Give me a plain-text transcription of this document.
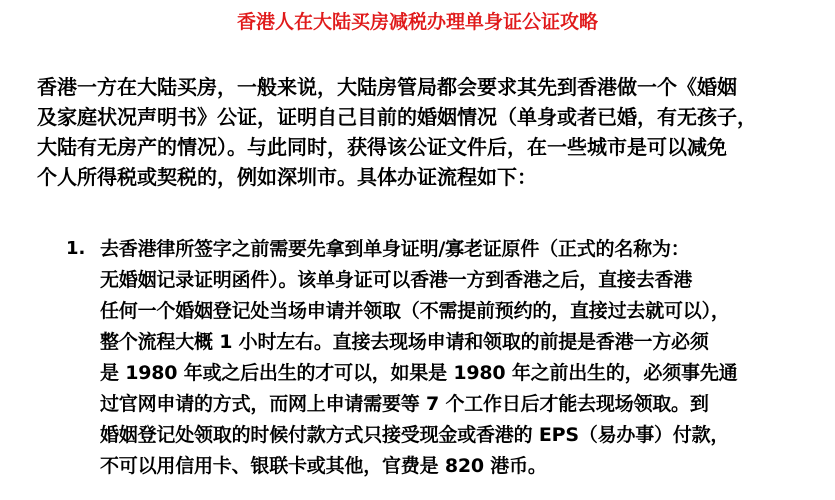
香港人在大陆买房减税办理单身证公证攻略
香港一方在大陆买房，一般来说，大陆房管局都会要求其先到香港做一个《婚姻
及家庭状况声明书》公证，证明自己目前的婚姻情况（单身或者已婚，有无孩子，
大陆有无房产的情况）。与此同时，获得该公证文件后，在一些城市是可以减免
个人所得税或契税的，例如深圳市。具体办证流程如下：
1. 去香港律所签字之前需要先拿到单身证明/寡老证原件（正式的名称为：
无婚姻记录证明函件）。该单身证可以香港一方到香港之后，直接去香港
任何一个婚姻登记处当场申请并领取（不需提前预约的，直接过去就可以），
整个流程大概 1 小时左右。直接去现场申请和领取的前提是香港一方必须
是 1980 年或之后出生的才可以，如果是 1980 年之前出生的，必须事先通
过官网申请的方式，而网上申请需要等 7 个工作日后才能去现场领取。到
婚姻登记处领取的时候付款方式只接受现金或香港的 EPS（易办事）付款，
不可以用信用卡、银联卡或其他，官费是 820 港币。
